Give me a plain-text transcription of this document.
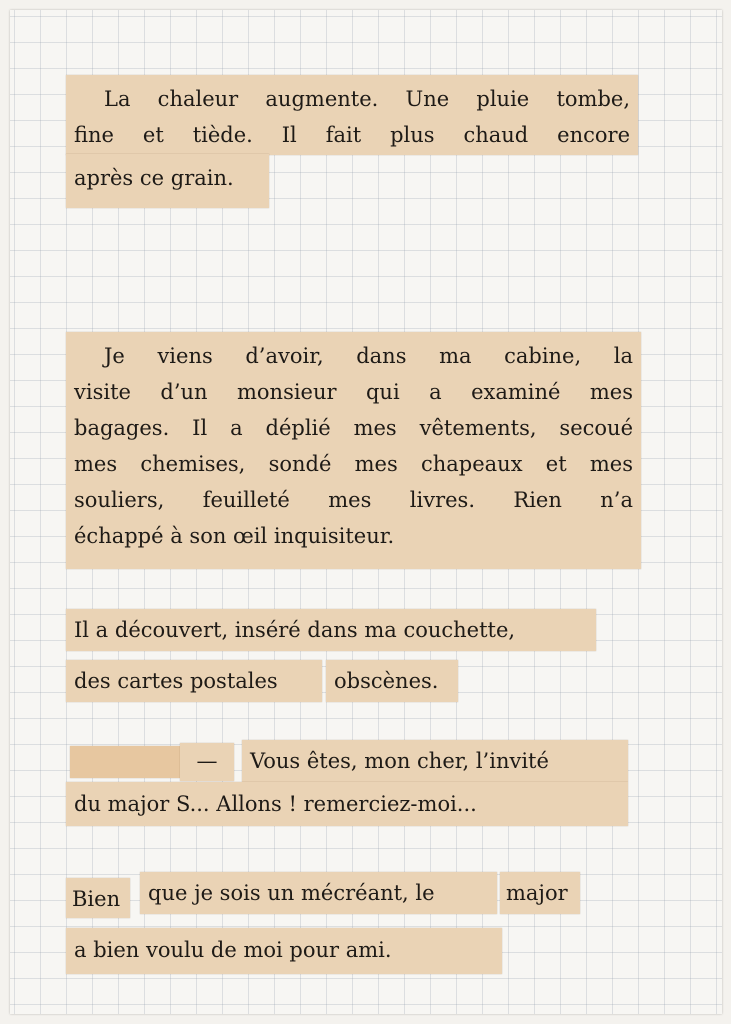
La chaleur augmente. Une pluie tombe,
fine et tiède. Il fait plus chaud encore
après ce grain.
Je viens d’avoir, dans ma cabine, la
visite d’un monsieur qui a examiné mes
bagages. Il a déplié mes vêtements, secoué
mes chemises, sondé mes chapeaux et mes
souliers, feuilleté mes livres. Rien n’a
échappé à son œil inquisiteur.
Il a découvert, inséré dans ma couchette,
des cartes postales	obscènes.
—	Vous êtes, mon cher, l’invité
du major S... Allons ! remerciez-moi...
Bien	que je sois un mécréant, le	major
a bien voulu de moi pour ami.
